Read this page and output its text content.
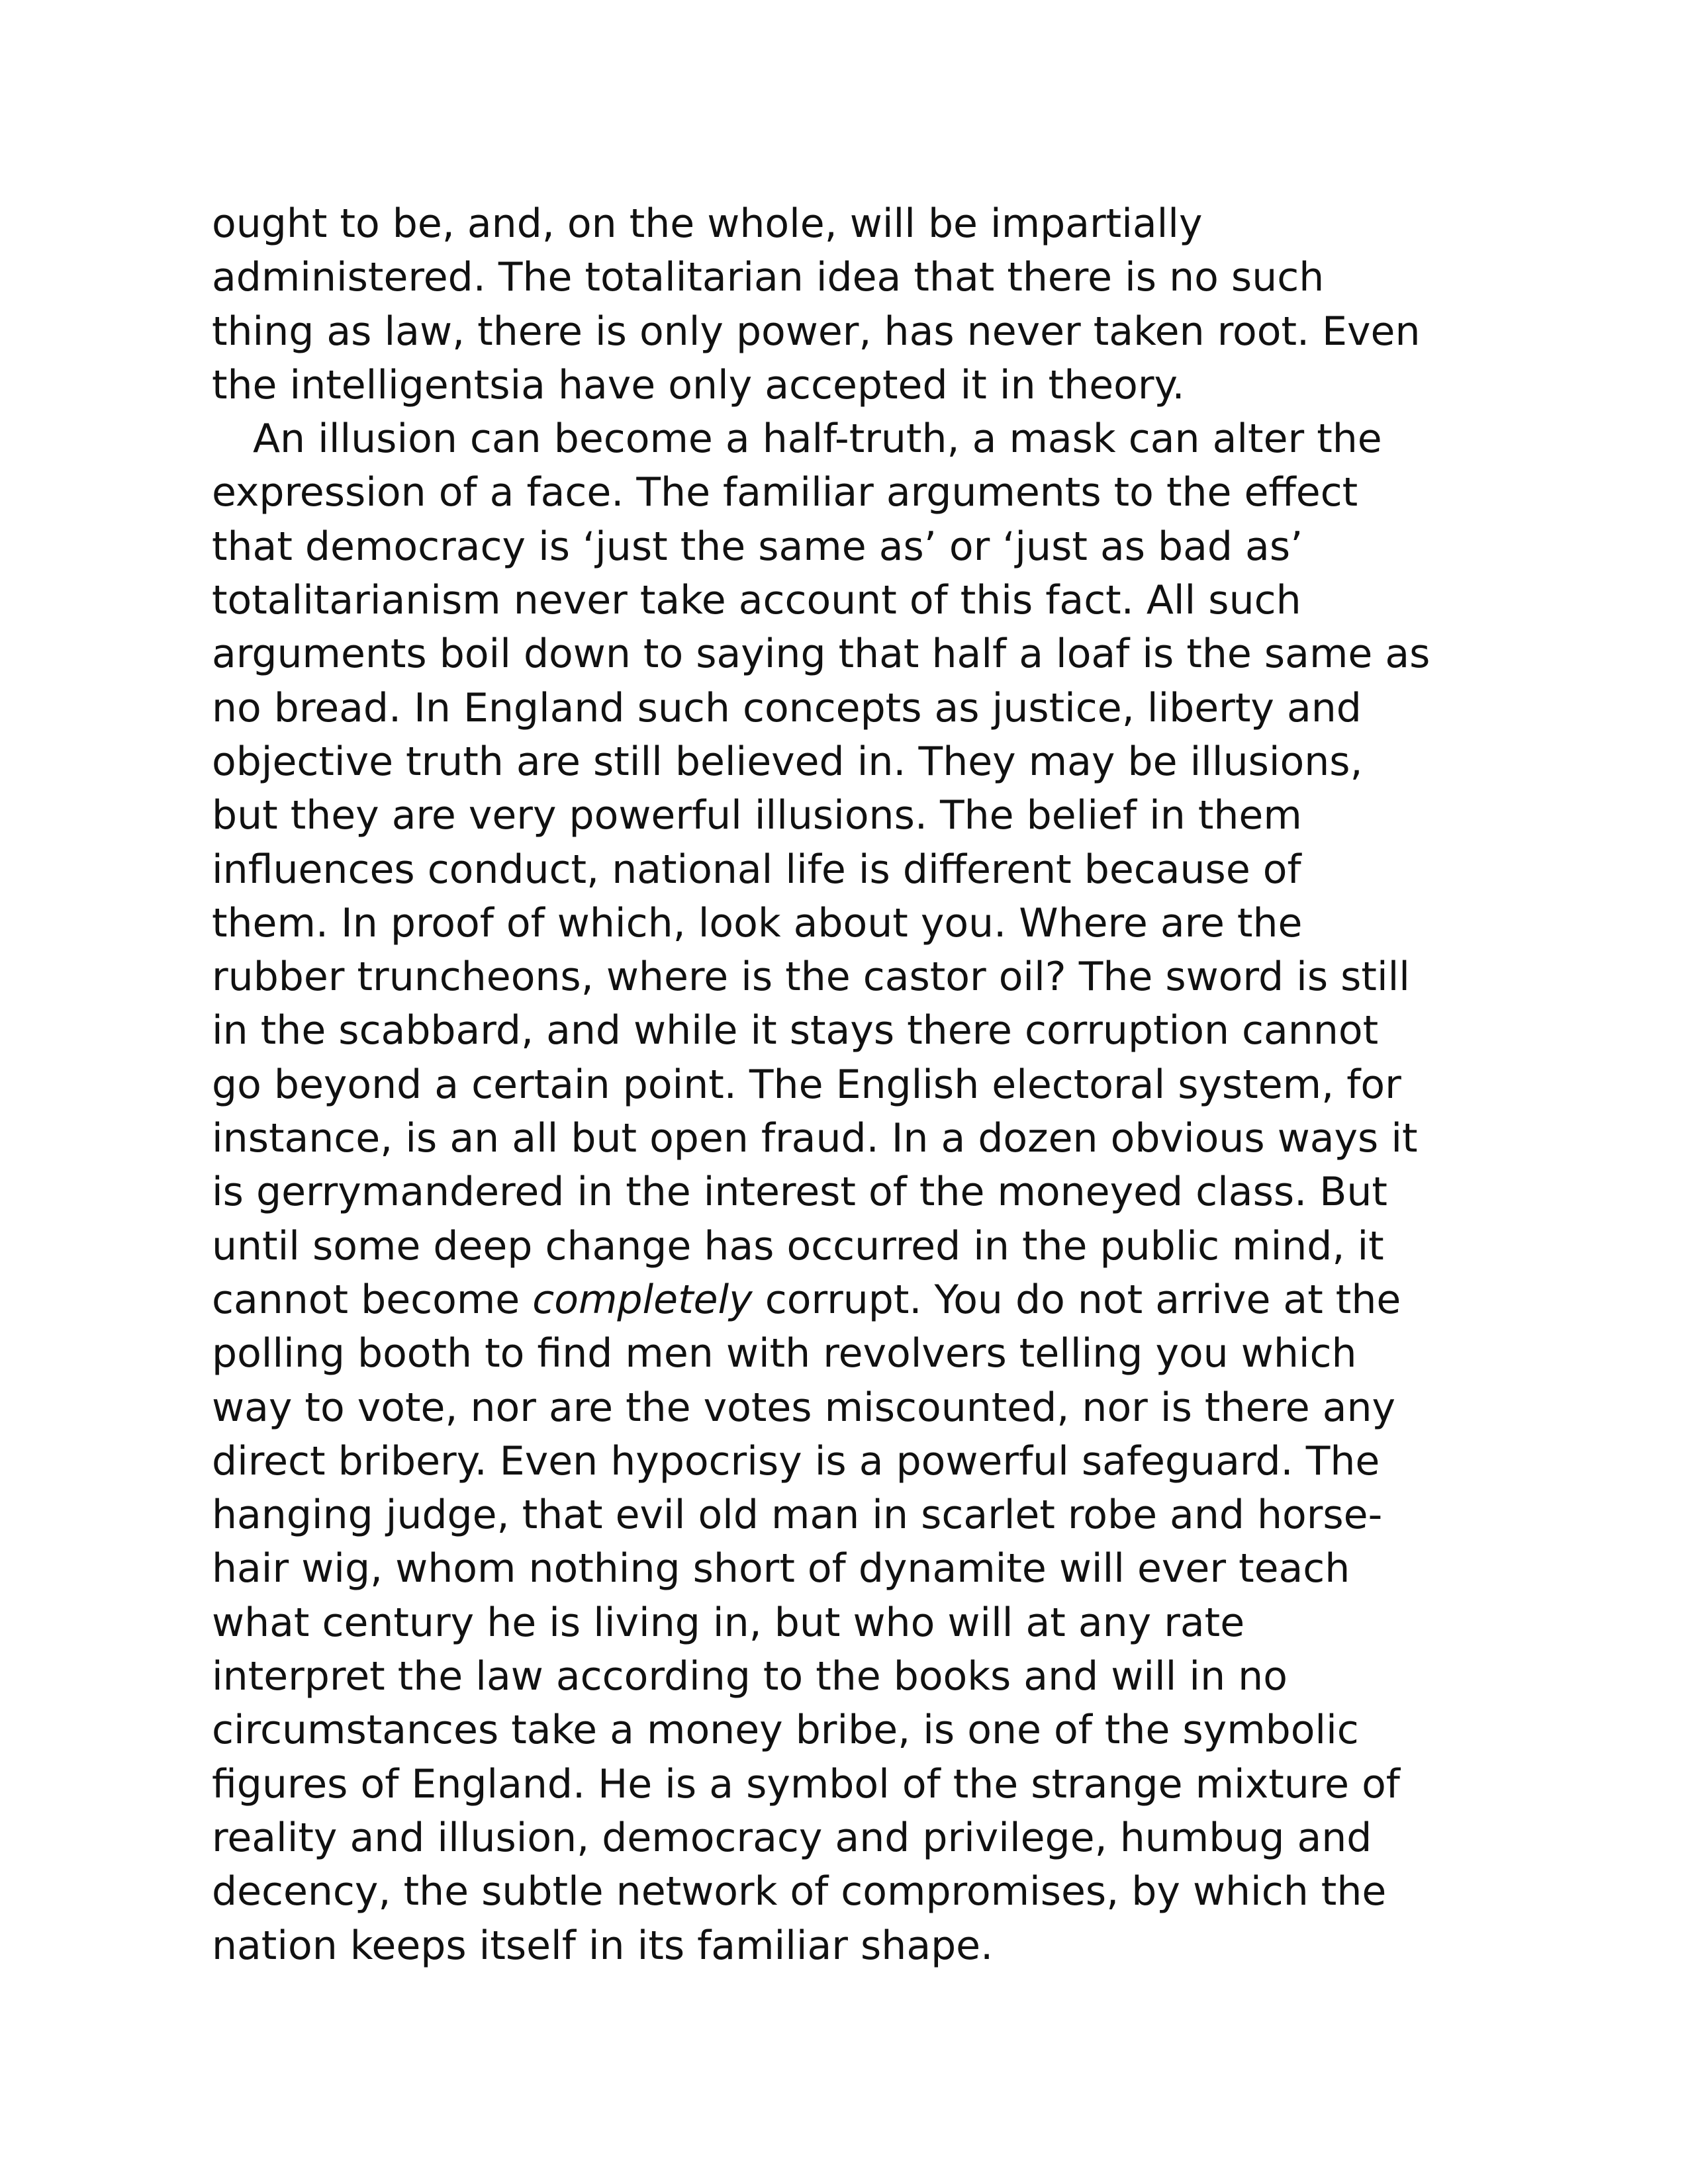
ought to be, and, on the whole, will be impartially
administered. The totalitarian idea that there is no such
thing as law, there is only power, has never taken root. Even
the intelligentsia have only accepted it in theory.
An illusion can become a half-truth, a mask can alter the
expression of a face. The familiar arguments to the effect
that democracy is ‘just the same as’ or ‘just as bad as’
totalitarianism never take account of this fact. All such
arguments boil down to saying that half a loaf is the same as
no bread. In England such concepts as justice, liberty and
objective truth are still believed in. They may be illusions,
but they are very powerful illusions. The belief in them
influences conduct, national life is different because of
them. In proof of which, look about you. Where are the
rubber truncheons, where is the castor oil? The sword is still
in the scabbard, and while it stays there corruption cannot
go beyond a certain point. The English electoral system, for
instance, is an all but open fraud. In a dozen obvious ways it
is gerrymandered in the interest of the moneyed class. But
until some deep change has occurred in the public mind, it
cannot become completely corrupt. You do not arrive at the
polling booth to find men with revolvers telling you which
way to vote, nor are the votes miscounted, nor is there any
direct bribery. Even hypocrisy is a powerful safeguard. The
hanging judge, that evil old man in scarlet robe and horse-
hair wig, whom nothing short of dynamite will ever teach
what century he is living in, but who will at any rate
interpret the law according to the books and will in no
circumstances take a money bribe, is one of the symbolic
figures of England. He is a symbol of the strange mixture of
reality and illusion, democracy and privilege, humbug and
decency, the subtle network of compromises, by which the
nation keeps itself in its familiar shape.
